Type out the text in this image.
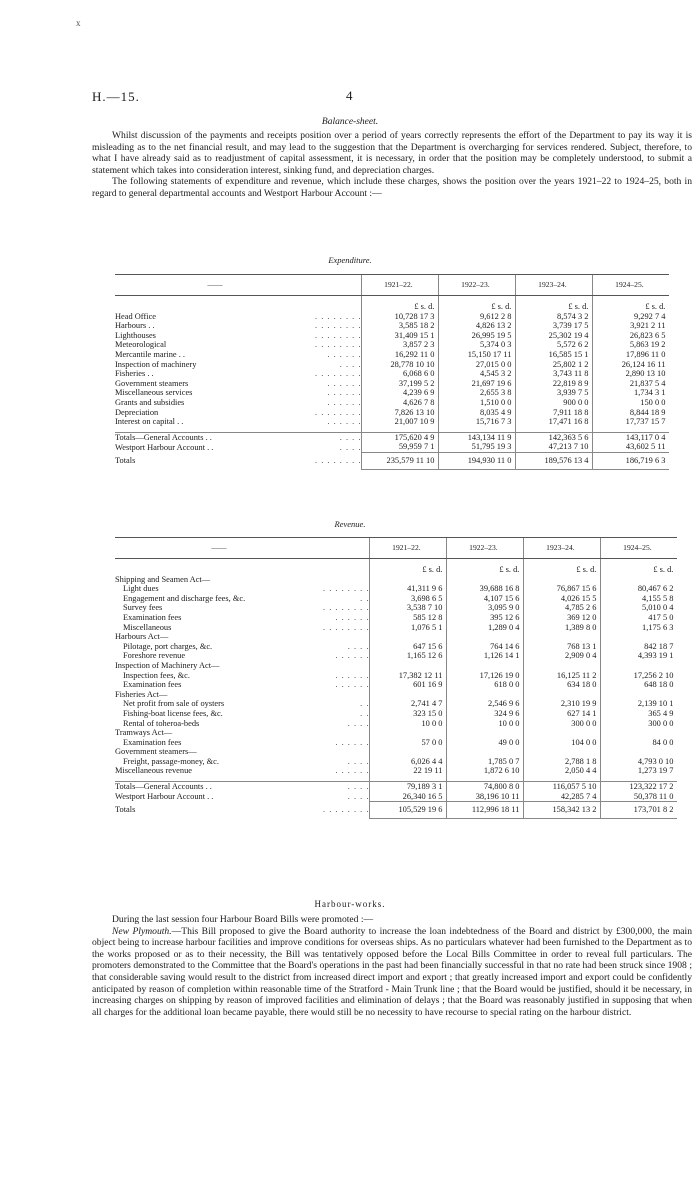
x
H.—15.	4
Balance-sheet.

Whilst discussion of the payments and receipts position over a period of years correctly represents the effort of the Department to pay its way it is misleading as to the net financial result, and may lead to the suggestion that the Department is overcharging for services rendered. Subject, therefore, to what I have already said as to readjustment of capital assessment, it is necessary, in order that the position may be completely understood, to submit a statement which takes into consideration interest, sinking fund, and depreciation charges.

The following statements of expenditure and revenue, which include these charges, shows the position over the years 1921–22 to 1924–25, both in regard to general departmental accounts and Westport Harbour Account :—

Expenditure.
——		1921–22.	1922–23.	1923–24.	1924–25.
		£ s. d.	£ s. d.	£ s. d.	£ s. d.
Head Office	. . . . . . . .	10,728 17 3	9,612 2 8	8,574 3 2	9,292 7 4
Harbours . .	. . . . . . . .	3,585 18 2	4,826 13 2	3,739 17 5	3,921 2 11
Lighthouses	. . . . . . . .	31,409 15 1	26,995 19 5	25,302 19 4	26,823 6 5
Meteorological	. . . . . . . .	3,857 2 3	5,374 0 3	5,572 6 2	5,863 19 2
Mercantile marine . .	. . . . . .	16,292 11 0	15,150 17 11	16,585 15 1	17,896 11 0
Inspection of machinery	. . . .	28,778 10 10	27,015 0 0	25,802 1 2	26,124 16 11
Fisheries . .	. . . . . . . .	6,068 6 0	4,545 3 2	3,743 11 8	2,890 13 10
Government steamers	. . . . . .	37,199 5 2	21,697 19 6	22,819 8 9	21,837 5 4
Miscellaneous services	. . . . . .	4,239 6 9	2,655 3 8	3,939 7 5	1,734 3 1
Grants and subsidies	. . . . . .	4,626 7 8	1,510 0 0	900 0 0	150 0 0
Depreciation	. . . . . . . .	7,826 13 10	8,035 4 9	7,911 18 8	8,844 18 9
Interest on capital . .	. . . . . .	21,007 10 9	15,716 7 3	17,471 16 8	17,737 15 7

Totals—General Accounts . .	. . . .	175,620 4 9	143,134 11 9	142,363 5 6	143,117 0 4
Westport Harbour Account . .	. . . .	59,959 7 1	51,795 19 3	47,213 7 10	43,602 5 11
Totals	. . . . . . . .	235,579 11 10	194,930 11 0	189,576 13 4	186,719 6 3
Revenue.
——		1921–22.	1922–23.	1923–24.	1924–25.
		£ s. d.	£ s. d.	£ s. d.	£ s. d.
Shipping and Seamen Act—					
Light dues	. . . . . . . .	41,311 9 6	39,688 16 8	76,867 15 6	80,467 6 2
Engagement and discharge fees, &c.	. .	3,698 6 5	4,107 15 6	4,026 15 5	4,155 5 8
Survey fees	. . . . . . . .	3,538 7 10	3,095 9 0	4,785 2 6	5,010 0 4
Examination fees	. . . . . .	585 12 8	395 12 6	369 12 0	417 5 0
Miscellaneous	. . . . . . . .	1,076 5 1	1,289 0 4	1,389 8 0	1,175 6 3
Harbours Act—					
Pilotage, port charges, &c.	. . . .	647 15 6	764 14 6	768 13 1	842 18 7
Foreshore revenue	. . . . . .	1,165 12 6	1,126 14 1	2,909 0 4	4,393 19 1
Inspection of Machinery Act—					
Inspection fees, &c.	. . . . . .	17,382 12 11	17,126 19 0	16,125 11 2	17,256 2 10
Examination fees	. . . . . .	601 16 9	618 0 0	634 18 0	648 18 0
Fisheries Act—					
Net profit from sale of oysters	. .	2,741 4 7	2,546 9 6	2,310 19 9	2,139 10 1
Fishing-boat license fees, &c.	. .	323 15 0	324 9 6	627 14 1	365 4 9
Rental of toheroa-beds	. . . .	10 0 0	10 0 0	300 0 0	300 0 0
Tramways Act—					
Examination fees	. . . . . .	57 0 0	49 0 0	104 0 0	84 0 0
Government steamers—					
Freight, passage-money, &c.	. . . .	6,026 4 4	1,785 0 7	2,788 1 8	4,793 0 10
Miscellaneous revenue	. . . . . .	22 19 11	1,872 6 10	2,050 4 4	1,273 19 7

Totals—General Accounts . .	. . . .	79,189 3 1	74,800 8 0	116,057 5 10	123,322 17 2
Westport Harbour Account . .	. . . .	26,340 16 5	38,196 10 11	42,285 7 4	50,378 11 0
Totals	. . . . . . . .	105,529 19 6	112,996 18 11	158,342 13 2	173,701 8 2
Harbour-works.

During the last session four Harbour Board Bills were promoted :—

New Plymouth.—This Bill proposed to give the Board authority to increase the loan indebtedness of the Board and district by £300,000, the main object being to increase harbour facilities and improve conditions for overseas ships. As no particulars whatever had been furnished to the Department as to the works proposed or as to their necessity, the Bill was tentatively opposed before the Local Bills Committee in order to reveal full particulars. The promoters demonstrated to the Committee that the Board's operations in the past had been financially successful in that no rate had been struck since 1908 ; that considerable saving would result to the district from increased direct import and export ; that greatly increased import and export could be confidently anticipated by reason of completion within reasonable time of the Stratford - Main Trunk line ; that the Board would be justified, should it be necessary, in increasing charges on shipping by reason of improved facilities and elimination of delays ; that the Board was reasonably justified in supposing that when all charges for the additional loan became payable, there would still be no necessity to have recourse to special rating on the harbour district.
